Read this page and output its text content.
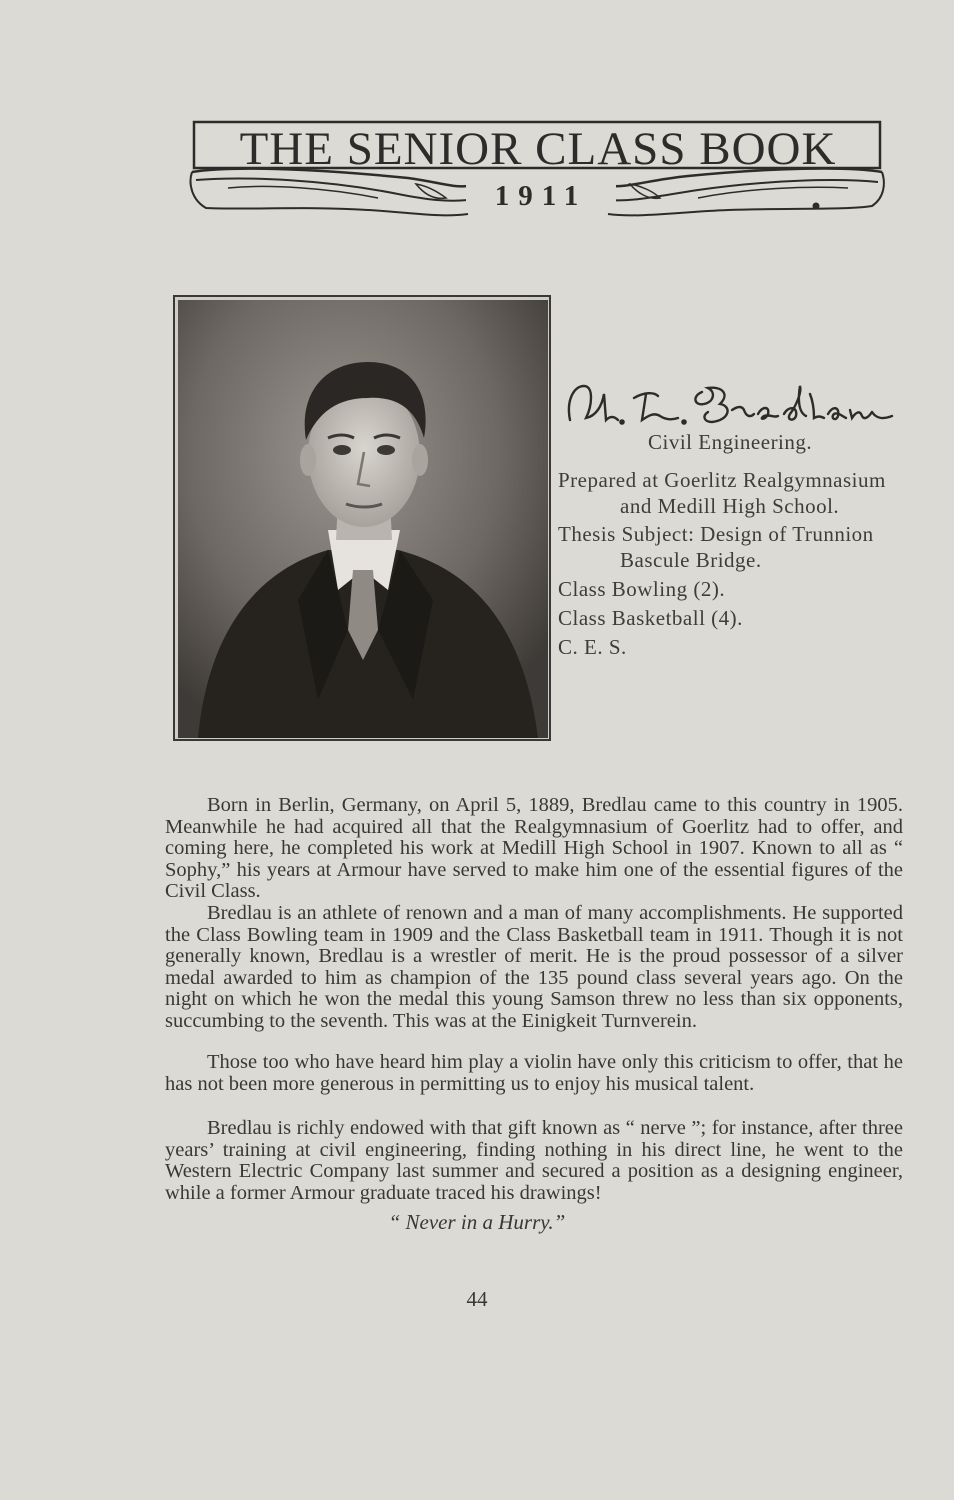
THE SENIOR CLASS BOOK
1911
Civil Engineering.
Prepared at Goerlitz Realgymnasium
and Medill High School.
Thesis Subject: Design of Trunnion
Bascule Bridge.
Class Bowling (2).
Class Basketball (4).
C. E. S.

Born in Berlin, Germany, on April 5, 1889, Bredlau came to this country in 1905. Meanwhile he had acquired all that the Realgymnasium of Goerlitz had to offer, and coming here, he completed his work at Medill High School in 1907. Known to all as “ Sophy,” his years at Armour have served to make him one of the essential figures of the Civil Class.

Bredlau is an athlete of renown and a man of many accomplishments. He supported the Class Bowling team in 1909 and the Class Basketball team in 1911. Though it is not generally known, Bredlau is a wrestler of merit. He is the proud possessor of a silver medal awarded to him as champion of the 135 pound class several years ago. On the night on which he won the medal this young Samson threw no less than six opponents, succumbing to the seventh. This was at the Einigkeit Turnverein.

Those too who have heard him play a violin have only this criticism to offer, that he has not been more generous in permitting us to enjoy his musical talent.

Bredlau is richly endowed with that gift known as “ nerve ”; for instance, after three years’ training at civil engineering, finding nothing in his direct line, he went to the Western Electric Company last summer and secured a position as a designing engineer, while a former Armour graduate traced his drawings!

“ Never in a Hurry.”
44
